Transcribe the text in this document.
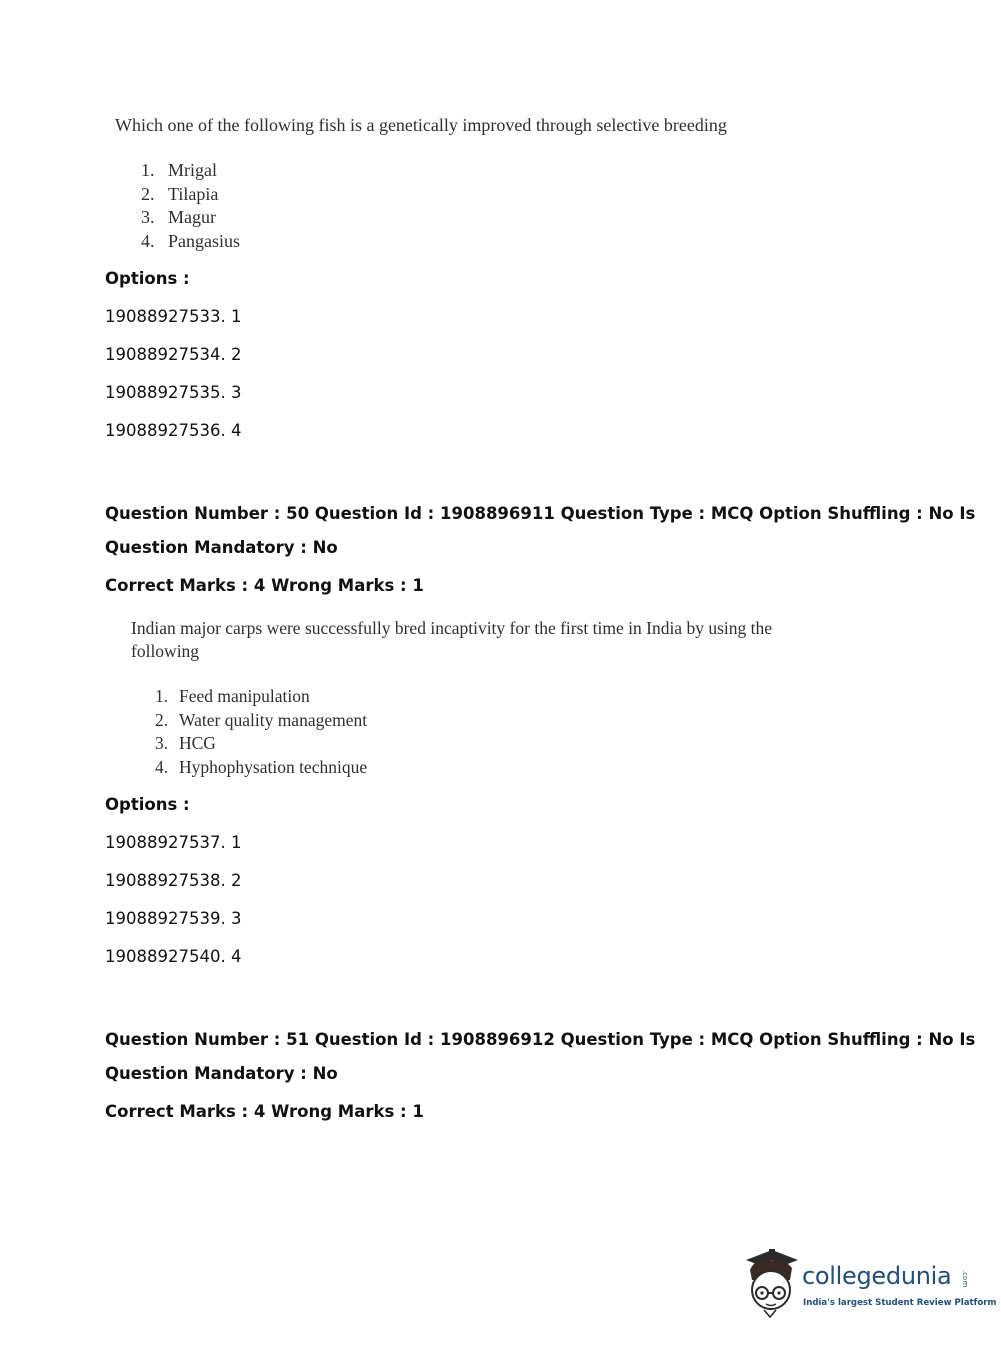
Which one of the following fish is a genetically improved through selective breeding

1. Mrigal
2. Tilapia
3. Magur
4. Pangasius

Options :

19088927533. 1

19088927534. 2

19088927535. 3

19088927536. 4

Question Number : 50 Question Id : 1908896911 Question Type : MCQ Option Shuffling : No Is

Question Mandatory : No

Correct Marks : 4 Wrong Marks : 1

Indian major carps were successfully bred incaptivity for the first time in India by using the
following

1. Feed manipulation
2. Water quality management
3. HCG
4. Hyphophysation technique

Options :

19088927537. 1

19088927538. 2

19088927539. 3

19088927540. 4

Question Number : 51 Question Id : 1908896912 Question Type : MCQ Option Shuffling : No Is

Question Mandatory : No

Correct Marks : 4 Wrong Marks : 1

collegedunia .com
India's largest Student Review Platform
